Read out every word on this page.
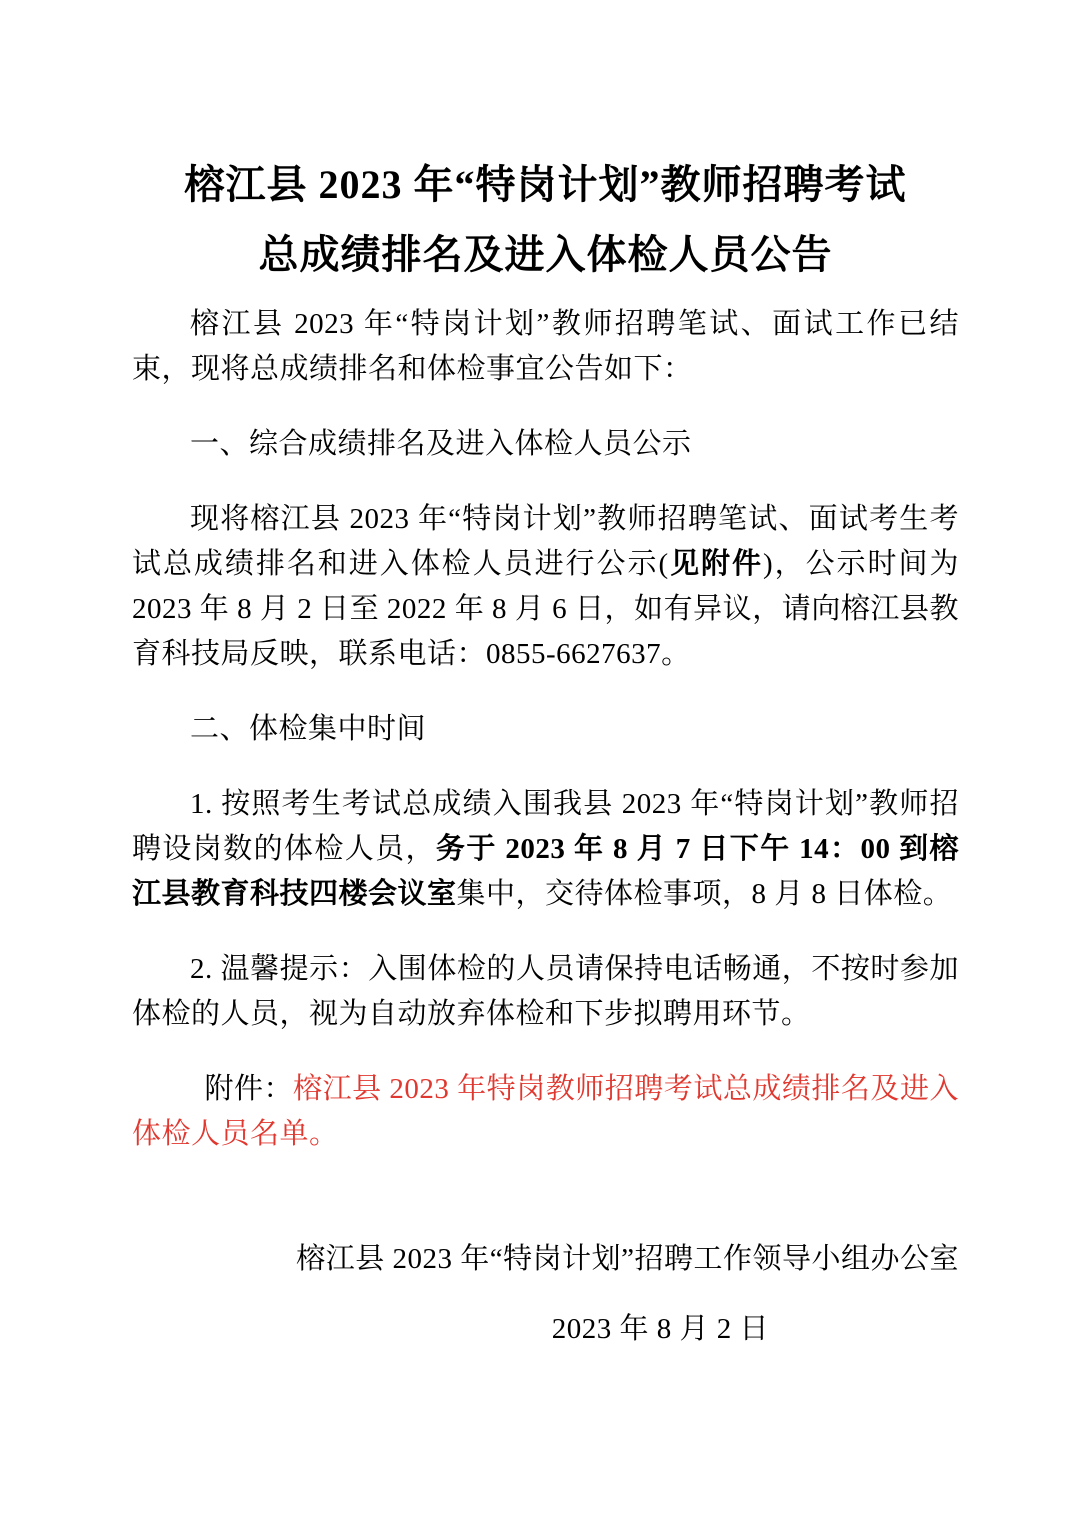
榕江县 2023 年“特岗计划”教师招聘考试
总成绩排名及进入体检人员公告
榕江县 2023 年“特岗计划”教师招聘笔试、面试工作已结束，现将总成绩排名和体检事宜公告如下：
一、综合成绩排名及进入体检人员公示
现将榕江县 2023 年“特岗计划”教师招聘笔试、面试考生考试总成绩排名和进入体检人员进行公示(见附件)，公示时间为 2023 年 8 月 2 日至 2022 年 8 月 6 日，如有异议，请向榕江县教育科技局反映，联系电话：0855-6627637。
二、体检集中时间
1. 按照考生考试总成绩入围我县 2023 年“特岗计划”教师招聘设岗数的体检人员，务于 2023 年 8 月 7 日下午 14：00 到榕江县教育科技四楼会议室集中，交待体检事项，8 月 8 日体检。
2. 温馨提示：入围体检的人员请保持电话畅通，不按时参加体检的人员，视为自动放弃体检和下步拟聘用环节。
附件：榕江县 2023 年特岗教师招聘考试总成绩排名及进入体检人员名单。
榕江县 2023 年“特岗计划”招聘工作领导小组办公室
2023 年 8 月 2 日
